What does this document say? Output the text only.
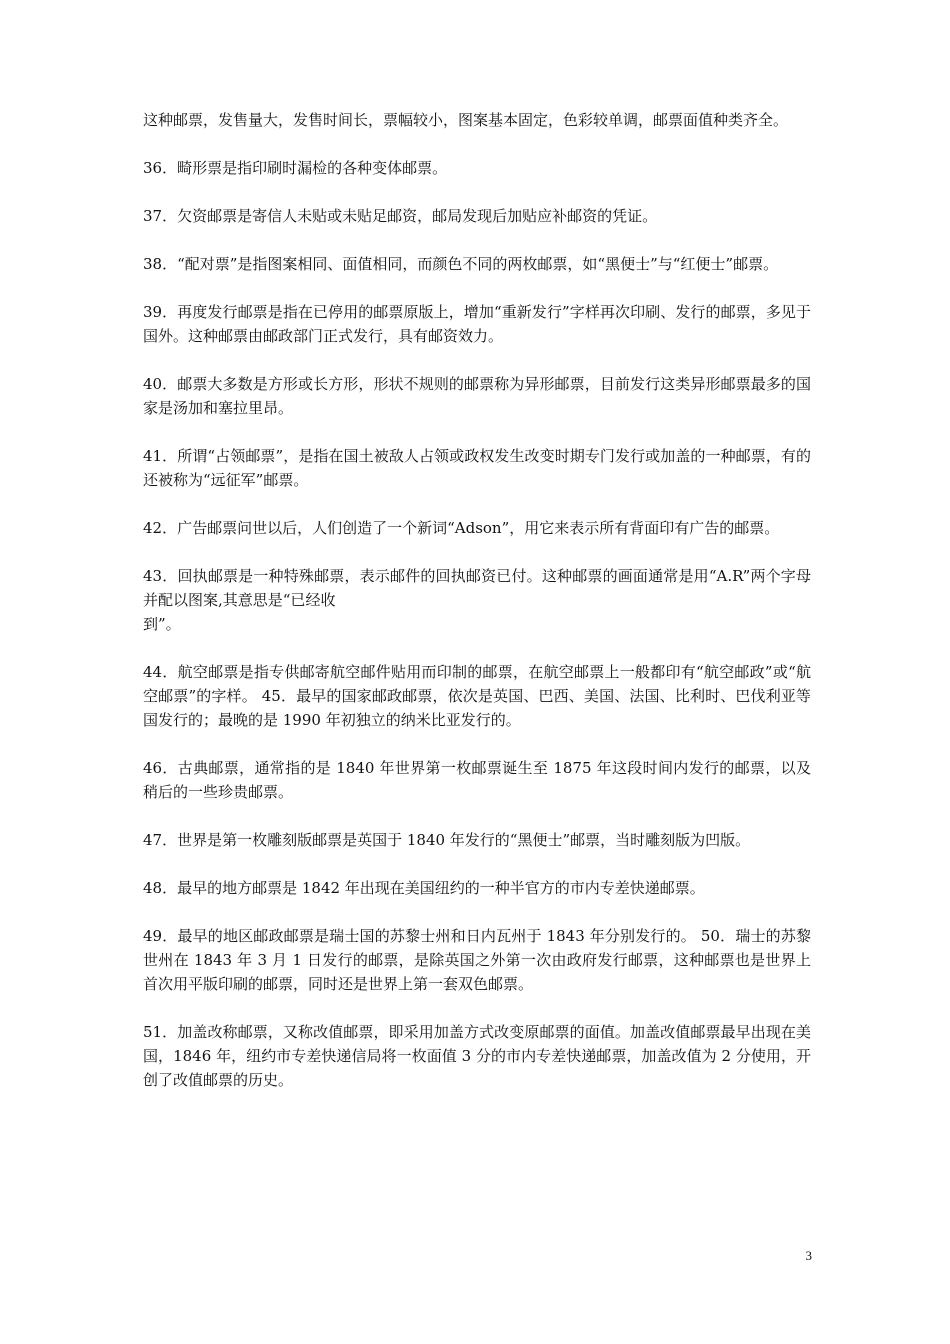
这种邮票，发售量大，发售时间长，票幅较小，图案基本固定，色彩较单调，邮票面值种类齐全。

36．畸形票是指印刷时漏检的各种变体邮票。

37．欠资邮票是寄信人未贴或未贴足邮资，邮局发现后加贴应补邮资的凭证。

38．“配对票”是指图案相同、面值相同，而颜色不同的两枚邮票，如“黑便士”与“红便士”邮票。

39．再度发行邮票是指在已停用的邮票原版上，增加“重新发行”字样再次印刷、发行的邮票，多见于国外。这种邮票由邮政部门正式发行，具有邮资效力。

40．邮票大多数是方形或长方形，形状不规则的邮票称为异形邮票，目前发行这类异形邮票最多的国家是汤加和塞拉里昂。

41．所谓“占领邮票”，是指在国土被敌人占领或政权发生改变时期专门发行或加盖的一种邮票，有的还被称为“远征军”邮票。

42．广告邮票问世以后，人们创造了一个新词“Adson”，用它来表示所有背面印有广告的邮票。

43．回执邮票是一种特殊邮票，表示邮件的回执邮资已付。这种邮票的画面通常是用“A.R”两个字母并配以图案,其意思是“已经收
到”。

44．航空邮票是指专供邮寄航空邮件贴用而印制的邮票，在航空邮票上一般都印有“航空邮政”或“航空邮票”的字样。 45．最早的国家邮政邮票，依次是英国、巴西、美国、法国、比利时、巴伐利亚等国发行的；最晚的是 1990 年初独立的纳米比亚发行的。

46．古典邮票，通常指的是 1840 年世界第一枚邮票诞生至 1875 年这段时间内发行的邮票，以及稍后的一些珍贵邮票。

47．世界是第一枚雕刻版邮票是英国于 1840 年发行的“黑便士”邮票，当时雕刻版为凹版。

48．最早的地方邮票是 1842 年出现在美国纽约的一种半官方的市内专差快递邮票。

49．最早的地区邮政邮票是瑞士国的苏黎士州和日内瓦州于 1843 年分别发行的。 50．瑞士的苏黎世州在 1843 年 3 月 1 日发行的邮票，是除英国之外第一次由政府发行邮票，这种邮票也是世界上首次用平版印刷的邮票，同时还是世界上第一套双色邮票。

51．加盖改称邮票，又称改值邮票，即采用加盖方式改变原邮票的面值。加盖改值邮票最早出现在美国，1846 年，纽约市专差快递信局将一枚面值 3 分的市内专差快递邮票，加盖改值为 2 分使用，开创了改值邮票的历史。

3
